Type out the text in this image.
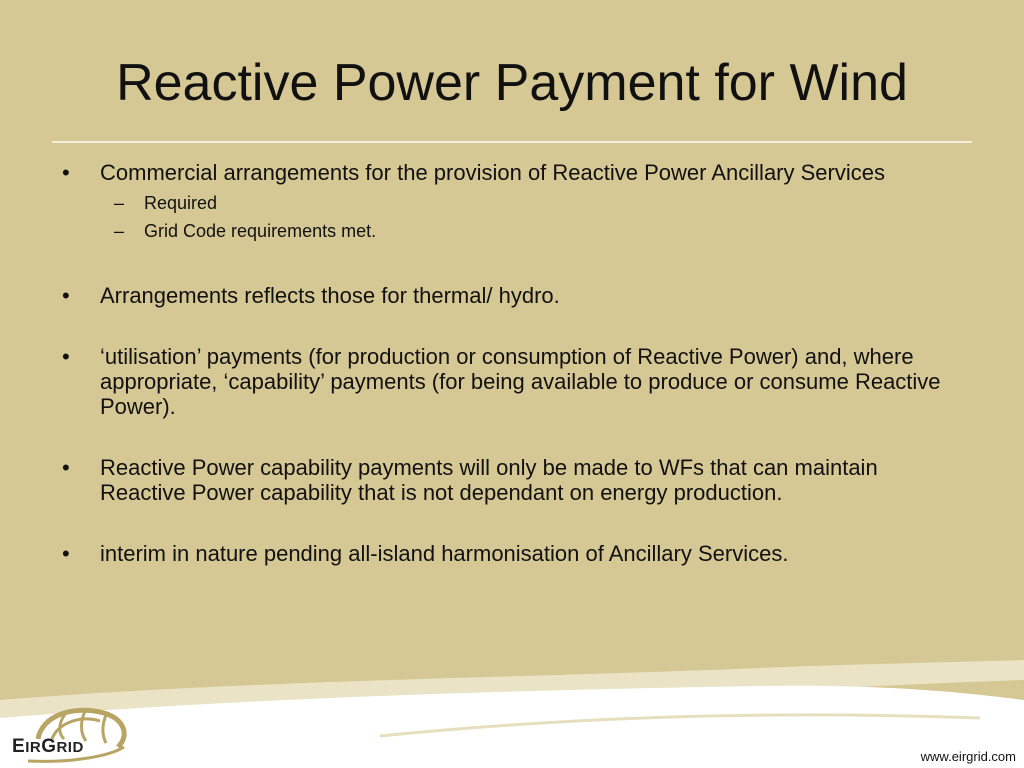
Reactive Power Payment for Wind
•	Commercial arrangements for the provision of Reactive Power Ancillary Services
– Required
– Grid Code requirements met.
•	Arrangements reflects those for thermal/ hydro.
•	‘utilisation’ payments (for production or consumption of Reactive Power) and, where appropriate, ‘capability’ payments (for being available to produce or consume Reactive Power).
•	Reactive Power capability payments will only be made to WFs that can maintain Reactive Power capability that is not dependant on energy production.
•	interim in nature pending all-island harmonisation of Ancillary Services.
EIRGRID
www.eirgrid.com
